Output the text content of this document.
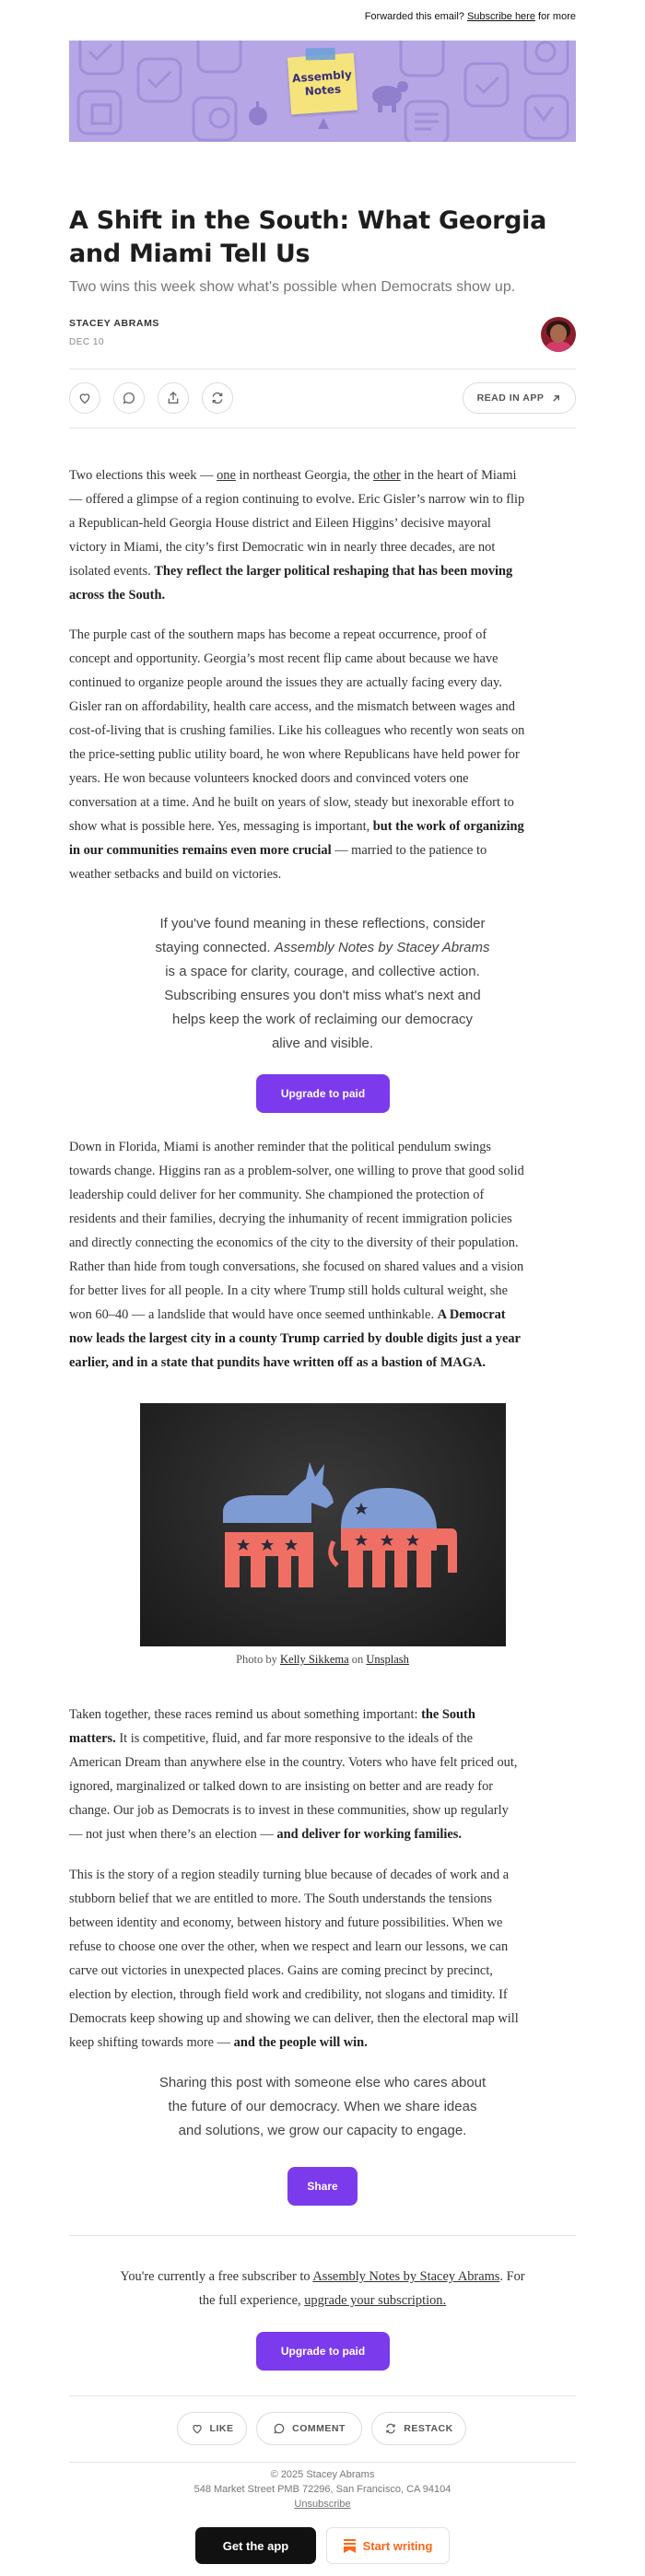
Forwarded this email? Subscribe here for more
Assembly
Notes
A Shift in the South: What Georgia
and Miami Tell Us
Two wins this week show what's possible when Democrats show up.
STACEY ABRAMS
DEC 10
READ IN APP
Two elections this week — one in northeast Georgia, the other in the heart of Miami
— offered a glimpse of a region continuing to evolve. Eric Gisler’s narrow win to flip
a Republican-held Georgia House district and Eileen Higgins’ decisive mayoral
victory in Miami, the city’s first Democratic win in nearly three decades, are not
isolated events. They reflect the larger political reshaping that has been moving
across the South.
The purple cast of the southern maps has become a repeat occurrence, proof of
concept and opportunity. Georgia’s most recent flip came about because we have
continued to organize people around the issues they are actually facing every day.
Gisler ran on affordability, health care access, and the mismatch between wages and
cost-of-living that is crushing families. Like his colleagues who recently won seats on
the price-setting public utility board, he won where Republicans have held power for
years. He won because volunteers knocked doors and convinced voters one
conversation at a time. And he built on years of slow, steady but inexorable effort to
show what is possible here. Yes, messaging is important, but the work of organizing
in our communities remains even more crucial — married to the patience to
weather setbacks and build on victories.
If you've found meaning in these reflections, consider
staying connected. Assembly Notes by Stacey Abrams
is a space for clarity, courage, and collective action.
Subscribing ensures you don't miss what's next and
helps keep the work of reclaiming our democracy
alive and visible.
Upgrade to paid
Down in Florida, Miami is another reminder that the political pendulum swings
towards change. Higgins ran as a problem-solver, one willing to prove that good solid
leadership could deliver for her community. She championed the protection of
residents and their families, decrying the inhumanity of recent immigration policies
and directly connecting the economics of the city to the diversity of their population.
Rather than hide from tough conversations, she focused on shared values and a vision
for better lives for all people. In a city where Trump still holds cultural weight, she
won 60–40 — a landslide that would have once seemed unthinkable. A Democrat
now leads the largest city in a county Trump carried by double digits just a year
earlier, and in a state that pundits have written off as a bastion of MAGA.
Photo by Kelly Sikkema on Unsplash
Taken together, these races remind us about something important: the South
matters. It is competitive, fluid, and far more responsive to the ideals of the
American Dream than anywhere else in the country. Voters who have felt priced out,
ignored, marginalized or talked down to are insisting on better and are ready for
change. Our job as Democrats is to invest in these communities, show up regularly
— not just when there’s an election — and deliver for working families.
This is the story of a region steadily turning blue because of decades of work and a
stubborn belief that we are entitled to more. The South understands the tensions
between identity and economy, between history and future possibilities. When we
refuse to choose one over the other, when we respect and learn our lessons, we can
carve out victories in unexpected places. Gains are coming precinct by precinct,
election by election, through field work and credibility, not slogans and timidity. If
Democrats keep showing up and showing we can deliver, then the electoral map will
keep shifting towards more — and the people will win.
Sharing this post with someone else who cares about
the future of our democracy. When we share ideas
and solutions, we grow our capacity to engage.
Share
You're currently a free subscriber to Assembly Notes by Stacey Abrams. For
the full experience, upgrade your subscription.
Upgrade to paid
LIKE	COMMENT	RESTACK
© 2025 Stacey Abrams
548 Market Street PMB 72296, San Francisco, CA 94104
Unsubscribe
Get the app	Start writing
